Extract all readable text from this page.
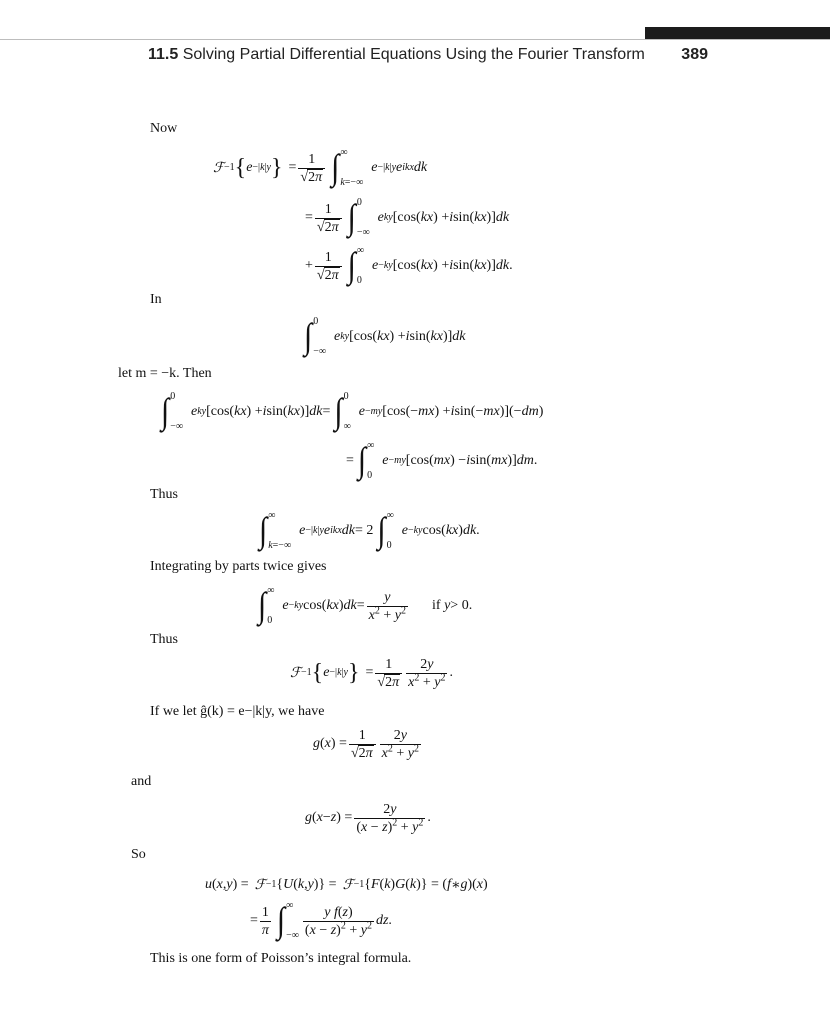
11.5 Solving Partial Differential Equations Using the Fourier Transform 389
Now
ℱ −1 { e −|k|y } = $\frac{1}{√2\pi}$ ∫ ∞
k=−∞
e −|k|y e ikx dk
= $\frac{1}{√2\pi}$ ∫ 0
−∞
e ky [cos( kx ) + i sin( kx )] dk
+ $\frac{1}{√2\pi}$ ∫ ∞
0
e −ky [cos( kx ) + i sin( kx )] dk .
In
∫ 0
−∞
e ky [cos( kx ) + i sin( kx )] dk
let m = −k. Then
∫ 0
−∞
e ky [cos( kx ) + i sin( kx )] dk = ∫ 0
∞
e −my [cos(− mx ) + i sin(− mx )](− dm )
= ∫ ∞
0
e −my [cos( mx ) − i sin( mx )] dm .
Thus
∫ ∞
k=−∞
e −|k|y e ikx dk = 2 ∫ ∞
0
e −ky cos( kx ) dk .
Integrating by parts twice gives
∫ ∞
0
e −ky cos( kx ) dk = $\frac{y}{x^2 + y^2}$ if y > 0.
Thus
ℱ −1 { e −|k|y } = $\frac{1}{√2\pi} \frac{2y}{x^2 + y^2}$ .
If we let ĝ(k) = e−|k|y, we have
g ( x ) = $\frac{1}{√2\pi} \frac{2y}{x^2 + y^2}$
and
g ( x − z ) = $\frac{2y}{(x - z)^2 + y^2}$ .
So
u ( x , y ) = ℱ −1 { U ( k , y )} = ℱ −1 { F ( k ) G ( k )} = ( f ∗ g )( x )
= $\frac{1}{\pi}$ ∫ ∞
−∞ $\frac{\text{y f(z)}}{(x - z)^2 + y^2}$ dz .
This is one form of Poisson’s integral formula.
